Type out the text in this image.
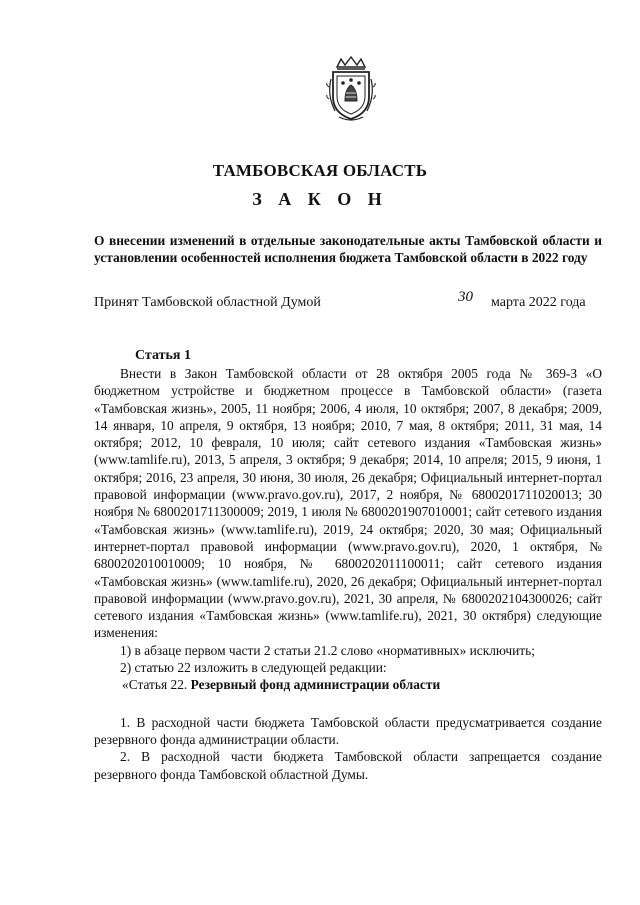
ТАМБОВСКАЯ ОБЛАСТЬ
З А К О Н
О внесении изменений в отдельные законодательные акты Тамбовской области и установлении особенностей исполнения бюджета Тамбовской области в 2022 году
Принят Тамбовской областной Думой	30 марта 2022 года
Статья 1

Внести в Закон Тамбовской области от 28 октября 2005 года № 369-З «О бюджетном устройстве и бюджетном процессе в Тамбовской области» (газета «Тамбовская жизнь», 2005, 11 ноября; 2006, 4 июля, 10 октября; 2007, 8 декабря; 2009, 14 января, 10 апреля, 9 октября, 13 ноября; 2010, 7 мая, 8 октября; 2011, 31 мая, 14 октября; 2012, 10 февраля, 10 июля; сайт сетевого издания «Тамбовская жизнь» (www.tamlife.ru), 2013, 5 апреля, 3 октября; 9 декабря; 2014, 10 апреля; 2015, 9 июня, 1 октября; 2016, 23 апреля, 30 июня, 30 июля, 26 декабря; Официальный интернет-портал правовой информации (www.pravo.gov.ru), 2017, 2 ноября, № 6800201711020013; 30 ноября № 6800201711300009; 2019, 1 июля № 6800201907010001; сайт сетевого издания «Тамбовская жизнь» (www.tamlife.ru), 2019, 24 октября; 2020, 30 мая; Официальный интернет-портал правовой информации (www.pravo.gov.ru), 2020, 1 октября, № 6800202010010009; 10 ноября, № 6800202011100011; сайт сетевого издания «Тамбовская жизнь» (www.tamlife.ru), 2020, 26 декабря; Официальный интернет-портал правовой информации (www.pravo.gov.ru), 2021, 30 апреля, № 6800202104300026; сайт сетевого издания «Тамбовская жизнь» (www.tamlife.ru), 2021, 30 октября) следующие изменения:

1) в абзаце первом части 2 статьи 21.2 слово «нормативных» исключить;

2) статью 22 изложить в следующей редакции:

«Статья 22. Резервный фонд администрации области

1. В расходной части бюджета Тамбовской области предусматривается создание резервного фонда администрации области.

2. В расходной части бюджета Тамбовской области запрещается создание резервного фонда Тамбовской областной Думы.
